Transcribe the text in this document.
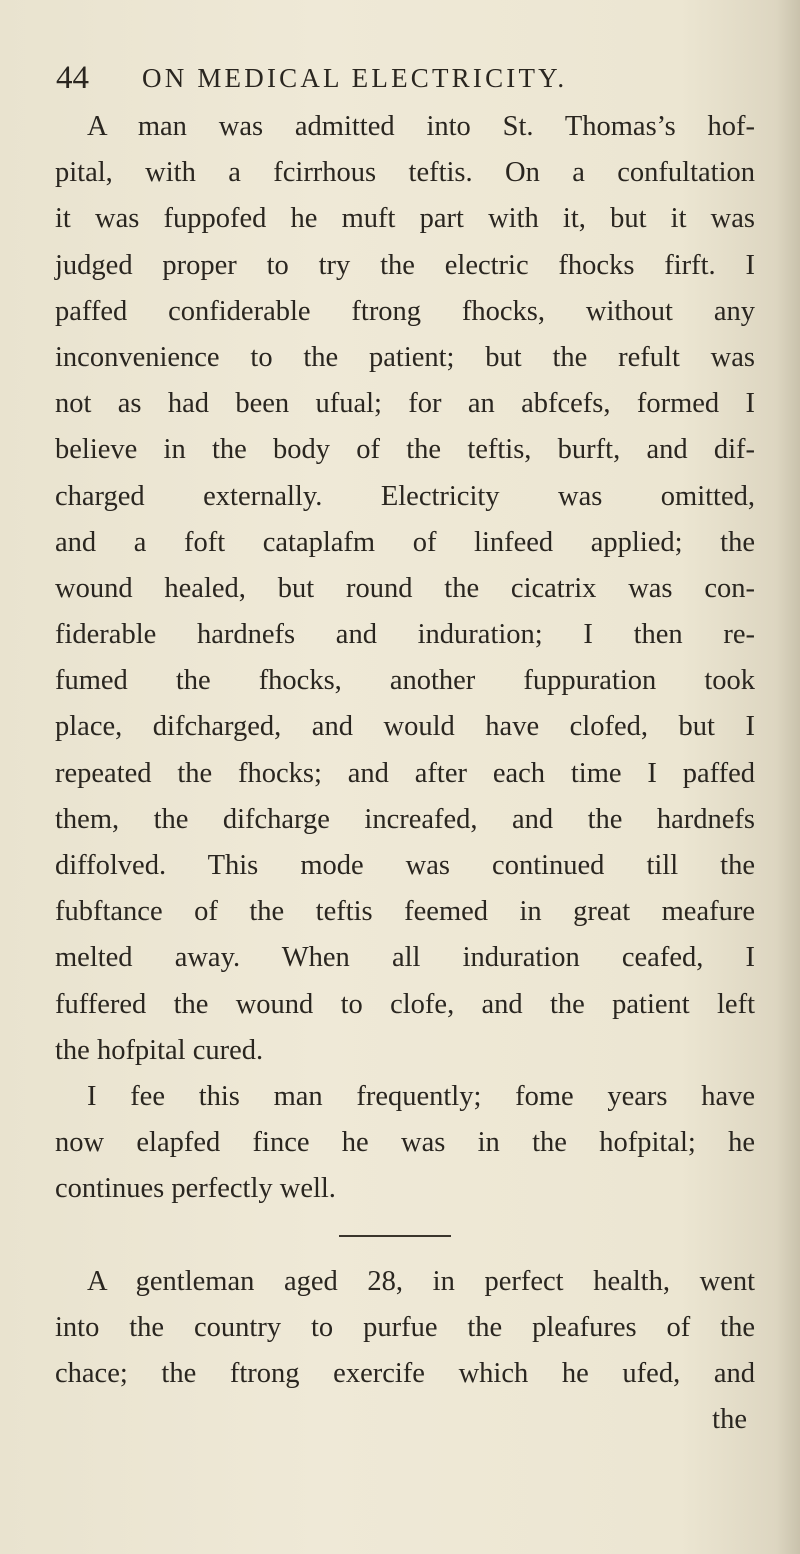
44 ON MEDICAL ELECTRICITY.
A man was admitted into St. Thomas’s hof-
pital, with a fcirrhous teftis. On a confultation
it was fuppofed he muft part with it, but it was
judged proper to try the electric fhocks firft. I
paffed confiderable ftrong fhocks, without any
inconvenience to the patient; but the refult was
not as had been ufual; for an abfcefs, formed I
believe in the body of the teftis, burft, and dif-
charged externally. Electricity was omitted,
and a foft cataplafm of linfeed applied; the
wound healed, but round the cicatrix was con-
fiderable hardnefs and induration; I then re-
fumed the fhocks, another fuppuration took
place, difcharged, and would have clofed, but I
repeated the fhocks; and after each time I paffed
them, the difcharge increafed, and the hardnefs
diffolved. This mode was continued till the
fubftance of the teftis feemed in great meafure
melted away. When all induration ceafed, I
fuffered the wound to clofe, and the patient left
the hofpital cured.
I fee this man frequently; fome years have
now elapfed fince he was in the hofpital; he
continues perfectly well.
A gentleman aged 28, in perfect health, went
into the country to purfue the pleafures of the
chace; the ftrong exercife which he ufed, and
the
